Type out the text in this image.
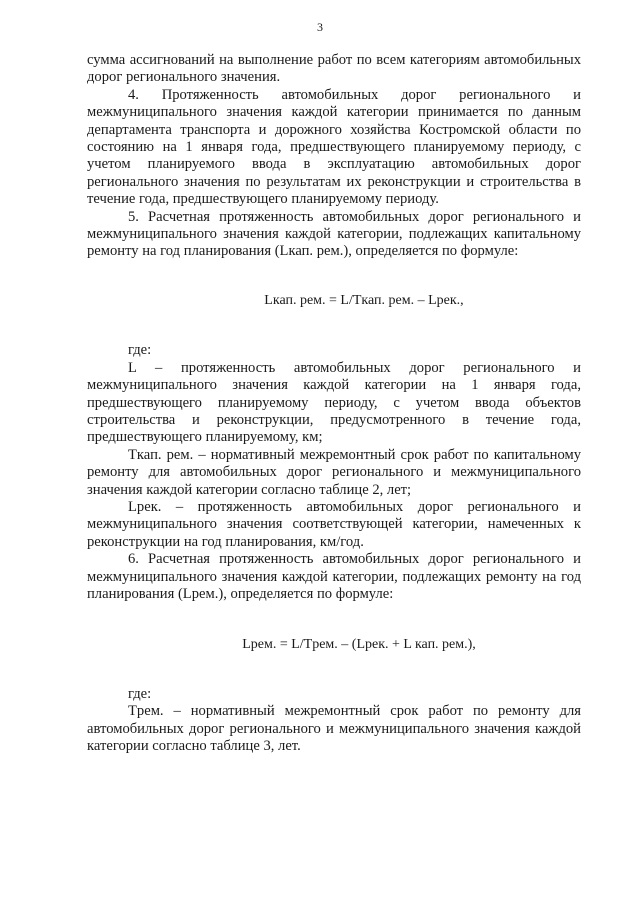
3

сумма ассигнований на выполнение работ по всем категориям автомобильных дорог регионального значения.

4. Протяженность автомобильных дорог регионального и межмуниципального значения каждой категории принимается по данным департамента транспорта и дорожного хозяйства Костромской области по состоянию на 1 января года, предшествующего планируемому периоду, с учетом планируемого ввода в эксплуатацию автомобильных дорог регионального значения по результатам их реконструкции и строительства в течение года, предшествующего планируемому периоду.

5. Расчетная протяженность автомобильных дорог регионального и межмуниципального значения каждой категории, подлежащих капитальному ремонту на год планирования (Lкап. рем.), определяется по формуле:

Lкап. рем. = L/Tкап. рем. – Lрек.,

где:

L – протяженность автомобильных дорог регионального и межмуниципального значения каждой категории на 1 января года, предшествующего планируемому периоду, с учетом ввода объектов строительства и реконструкции, предусмотренного в течение года, предшествующего планируемому, км;

Tкап. рем. – нормативный межремонтный срок работ по капитальному ремонту для автомобильных дорог регионального и межмуниципального значения каждой категории согласно таблице 2, лет;

Lрек. – протяженность автомобильных дорог регионального и межмуниципального значения соответствующей категории, намеченных к реконструкции на год планирования, км/год.

6. Расчетная протяженность автомобильных дорог регионального и межмуниципального значения каждой категории, подлежащих ремонту на год планирования (Lрем.), определяется по формуле:

Lрем. = L/Tрем. – (Lрек. + L кап. рем.),

где:

Tрем. – нормативный межремонтный срок работ по ремонту для автомобильных дорог регионального и межмуниципального значения каждой категории согласно таблице 3, лет.
